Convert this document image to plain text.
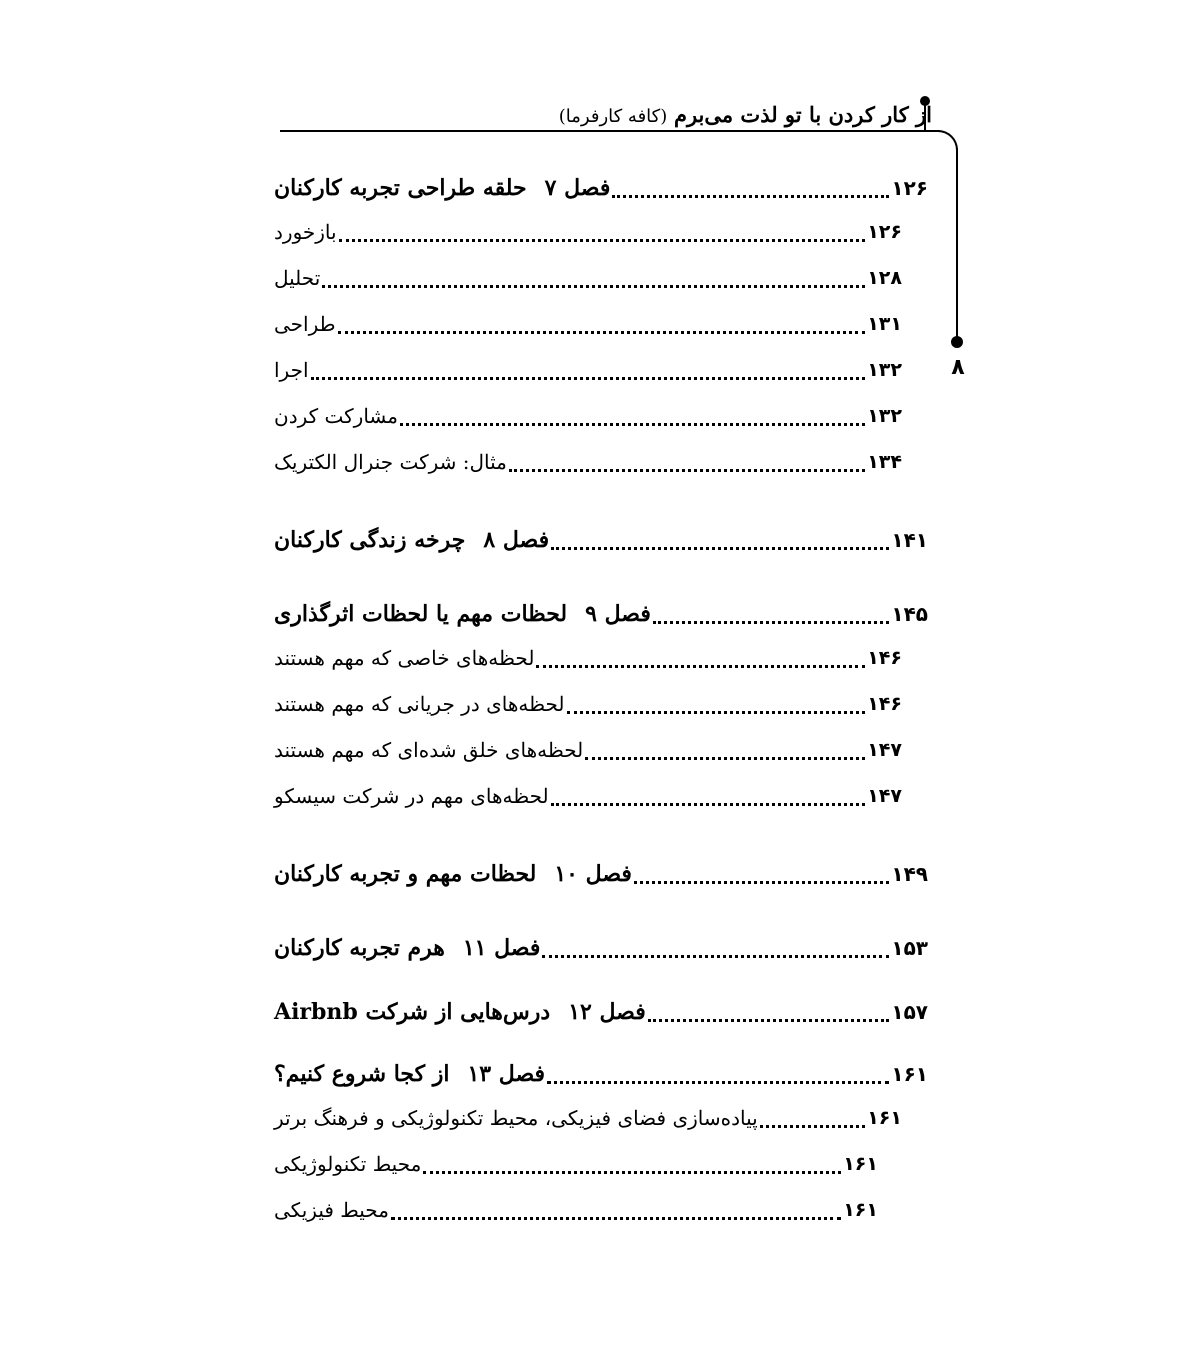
از کار کردن با تو لذت می‌برم (کافه کارفرما)
۸
فصل ۷حلقه طراحی تجربه کارکنان	۱۲۶
بازخورد	۱۲۶
تحلیل	۱۲۸
طراحی	۱۳۱
اجرا	۱۳۲
مشارکت کردن	۱۳۲
مثال: شرکت جنرال الکتریک	۱۳۴
فصل ۸چرخه زندگی کارکنان	۱۴۱
فصل ۹لحظات مهم یا لحظات اثرگذاری	۱۴۵
لحظه‌های خاصی که مهم هستند	۱۴۶
لحظه‌های در جریانی که مهم هستند	۱۴۶
لحظه‌های خلق شده‌ای که مهم هستند	۱۴۷
لحظه‌های مهم در شرکت سیسکو	۱۴۷
فصل ۱۰لحظات مهم و تجربه کارکنان	۱۴۹
فصل ۱۱هرم تجربه کارکنان	۱۵۳
فصل ۱۲درس‌هایی از شرکت Airbnb	۱۵۷
فصل ۱۳از کجا شروع کنیم؟	۱۶۱
پیاده‌سازی فضای فیزیکی، محیط تکنولوژیکی و فرهنگ برتر	۱۶۱
محیط تکنولوژیکی	۱۶۱
محیط فیزیکی	۱۶۱
